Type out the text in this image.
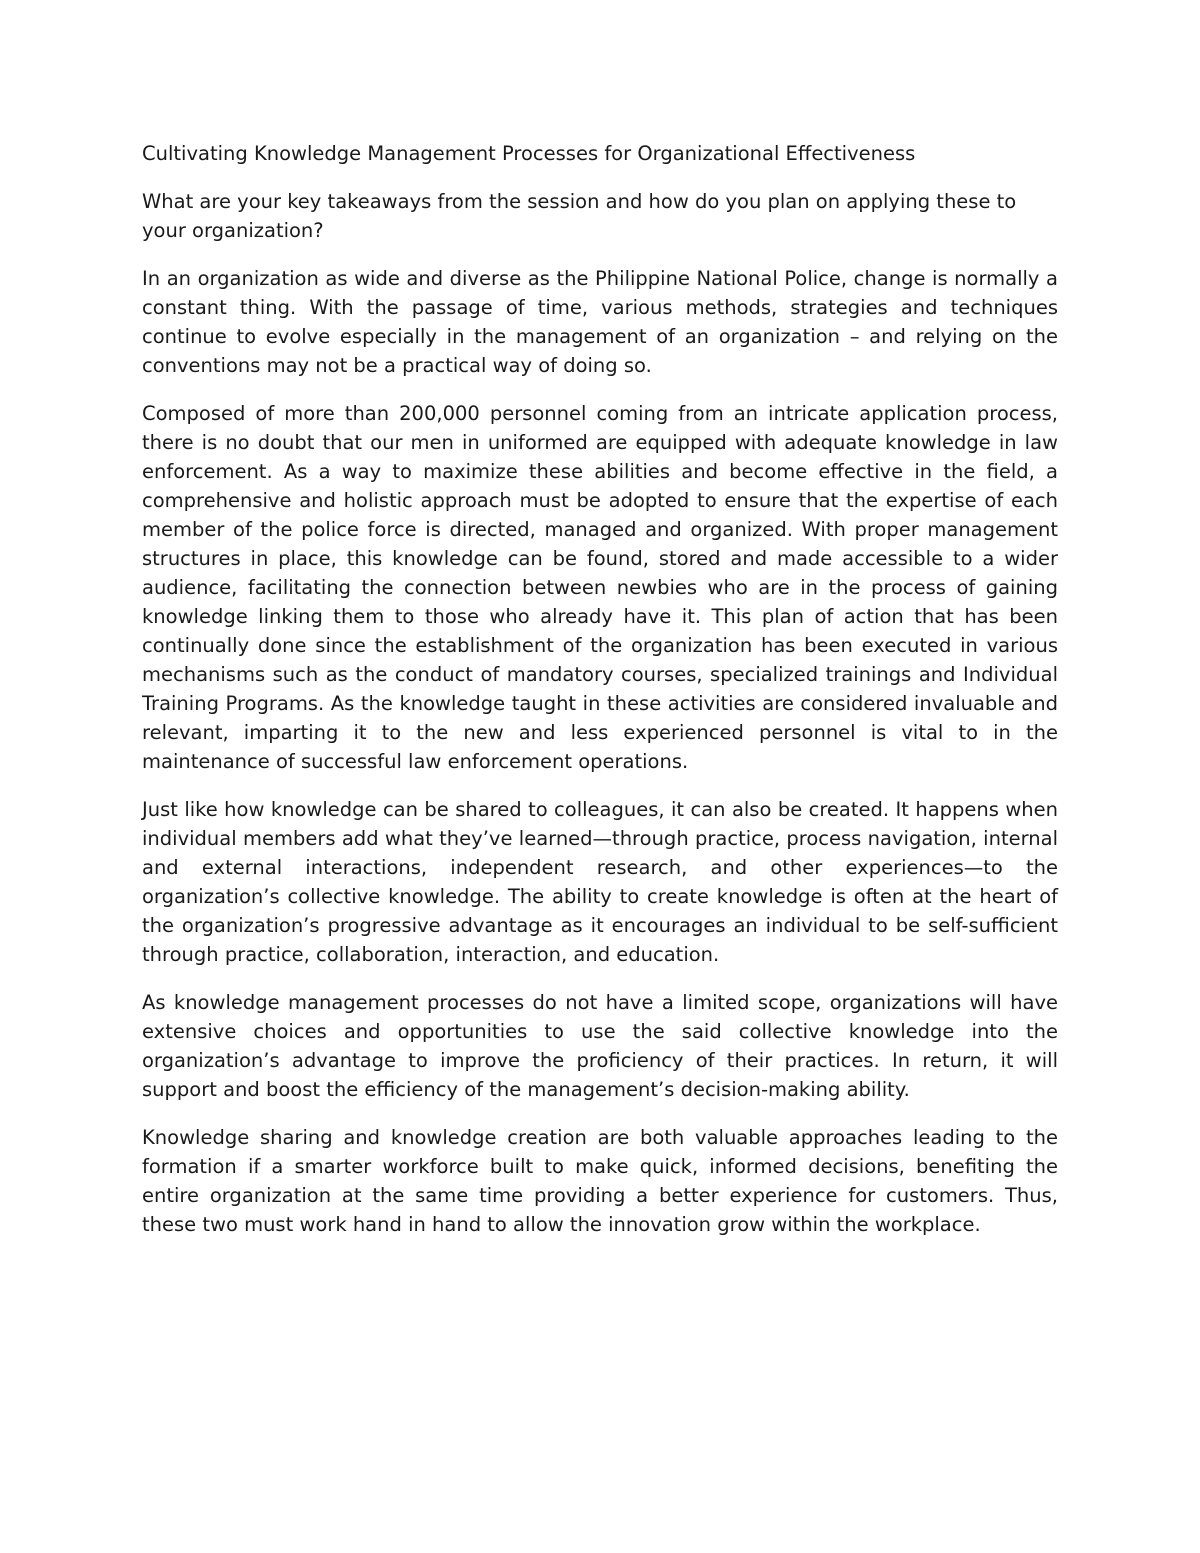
Cultivating Knowledge Management Processes for Organizational Effectiveness

What are your key takeaways from the session and how do you plan on applying these to your organization?

In an organization as wide and diverse as the Philippine National Police, change is normally a constant thing. With the passage of time, various methods, strategies and techniques continue to evolve especially in the management of an organization – and relying on the conventions may not be a practical way of doing so.

Composed of more than 200,000 personnel coming from an intricate application process, there is no doubt that our men in uniformed are equipped with adequate knowledge in law enforcement. As a way to maximize these abilities and become effective in the field, a comprehensive and holistic approach must be adopted to ensure that the expertise of each member of the police force is directed, managed and organized. With proper management structures in place, this knowledge can be found, stored and made accessible to a wider audience, facilitating the connection between newbies who are in the process of gaining knowledge linking them to those who already have it. This plan of action that has been continually done since the establishment of the organization has been executed in various mechanisms such as the conduct of mandatory courses, specialized trainings and Individual Training Programs. As the knowledge taught in these activities are considered invaluable and relevant, imparting it to the new and less experienced personnel is vital to in the maintenance of successful law enforcement operations.

Just like how knowledge can be shared to colleagues, it can also be created. It happens when individual members add what they’ve learned—through practice, process navigation, internal and external interactions, independent research, and other experiences—to the organization’s collective knowledge. The ability to create knowledge is often at the heart of the organization’s progressive advantage as it encourages an individual to be self-sufficient through practice, collaboration, interaction, and education.

As knowledge management processes do not have a limited scope, organizations will have extensive choices and opportunities to use the said collective knowledge into the organization’s advantage to improve the proficiency of their practices. In return, it will support and boost the efficiency of the management’s decision-making ability.

Knowledge sharing and knowledge creation are both valuable approaches leading to the formation if a smarter workforce built to make quick, informed decisions, benefiting the entire organization at the same time providing a better experience for customers. Thus, these two must work hand in hand to allow the innovation grow within the workplace.
